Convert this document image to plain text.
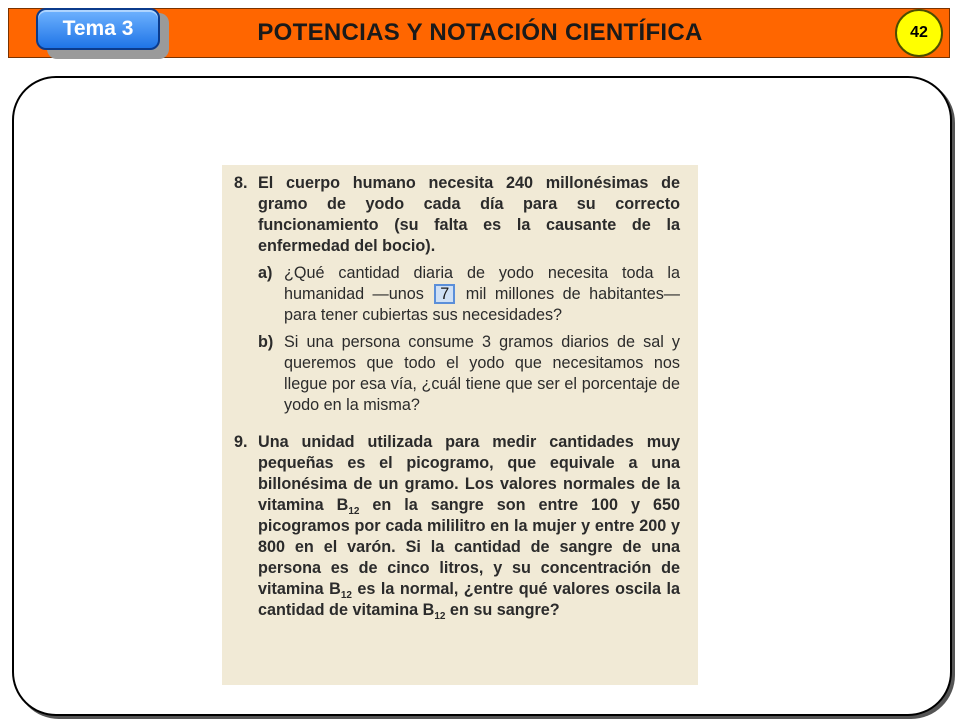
Tema 3	POTENCIAS Y NOTACIÓN CIENTÍFICA	42
8. El cuerpo humano necesita 240 millonésimas de gramo de yodo cada día para su correcto funcionamiento (su falta es la causante de la enfermedad del bocio).
a) ¿Qué cantidad diaria de yodo necesita toda la humanidad —unos 7 mil millones de habitantes— para tener cubiertas sus necesidades?
b) Si una persona consume 3 gramos diarios de sal y queremos que todo el yodo que necesitamos nos llegue por esa vía, ¿cuál tiene que ser el porcentaje de yodo en la misma?
9. Una unidad utilizada para medir cantidades muy pequeñas es el picogramo, que equivale a una billonésima de un gramo. Los valores normales de la vitamina $B_{12}$ en la sangre son entre 100 y 650 picogramos por cada mililitro en la mujer y entre 200 y 800 en el varón. Si la cantidad de sangre de una persona es de cinco litros, y su concentración de vitamina $B_{12}$ es la normal, ¿entre qué valores oscila la cantidad de vitamina $B_{12}$ en su sangre?
